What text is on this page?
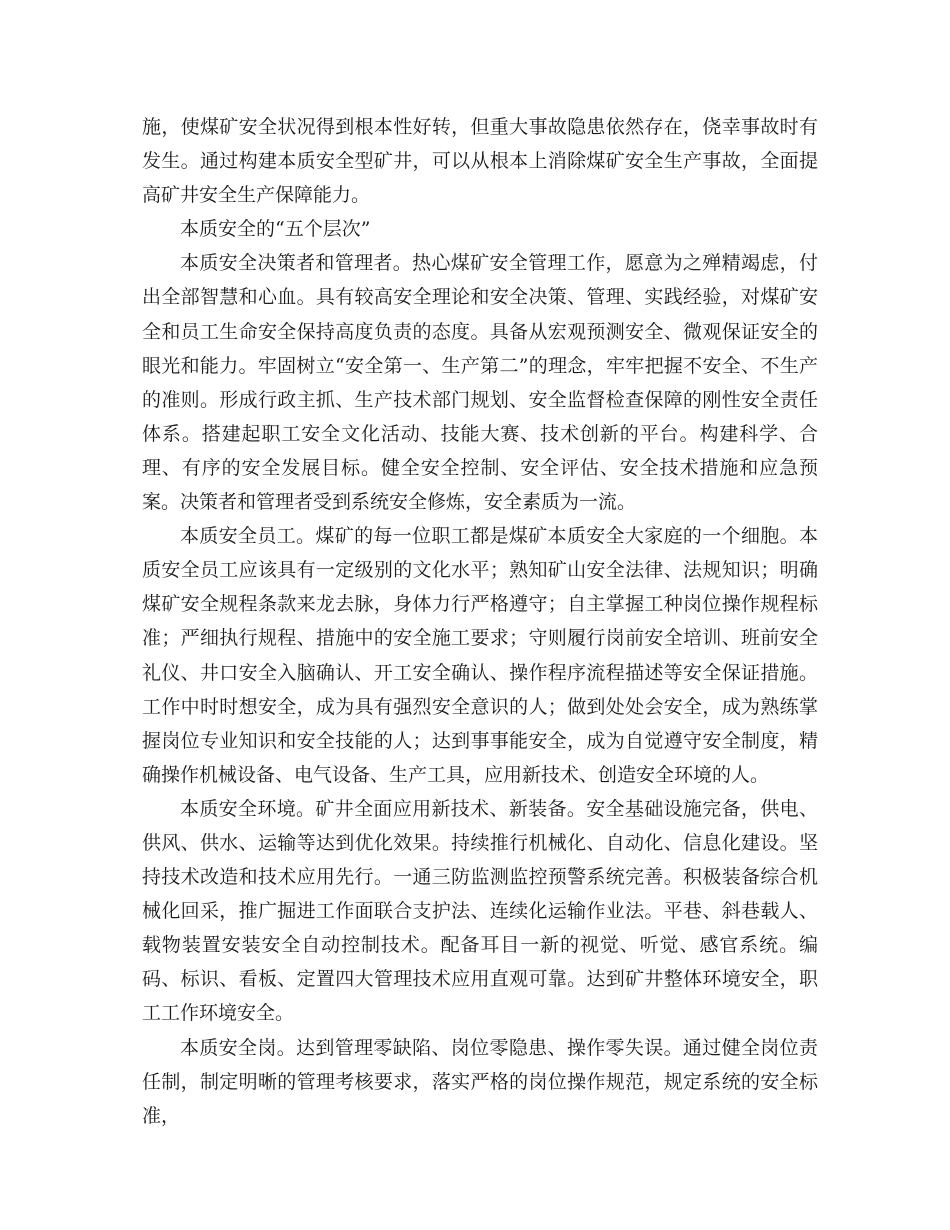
施，使煤矿安全状况得到根本性好转，但重大事故隐患依然存在，侥幸事故时有发生。通过构建本质安全型矿井，可以从根本上消除煤矿安全生产事故，全面提高矿井安全生产保障能力。

本质安全的“五个层次”

本质安全决策者和管理者。热心煤矿安全管理工作，愿意为之殚精竭虑，付出全部智慧和心血。具有较高安全理论和安全决策、管理、实践经验，对煤矿安全和员工生命安全保持高度负责的态度。具备从宏观预测安全、微观保证安全的眼光和能力。牢固树立“安全第一、生产第二”的理念，牢牢把握不安全、不生产的准则。形成行政主抓、生产技术部门规划、安全监督检查保障的刚性安全责任体系。搭建起职工安全文化活动、技能大赛、技术创新的平台。构建科学、合理、有序的安全发展目标。健全安全控制、安全评估、安全技术措施和应急预案。决策者和管理者受到系统安全修炼，安全素质为一流。

本质安全员工。煤矿的每一位职工都是煤矿本质安全大家庭的一个细胞。本质安全员工应该具有一定级别的文化水平；熟知矿山安全法律、法规知识；明确煤矿安全规程条款来龙去脉，身体力行严格遵守；自主掌握工种岗位操作规程标准；严细执行规程、措施中的安全施工要求；守则履行岗前安全培训、班前安全礼仪、井口安全入脑确认、开工安全确认、操作程序流程描述等安全保证措施。工作中时时想安全，成为具有强烈安全意识的人；做到处处会安全，成为熟练掌握岗位专业知识和安全技能的人；达到事事能安全，成为自觉遵守安全制度，精确操作机械设备、电气设备、生产工具，应用新技术、创造安全环境的人。

本质安全环境。矿井全面应用新技术、新装备。安全基础设施完备，供电、供风、供水、运输等达到优化效果。持续推行机械化、自动化、信息化建设。坚持技术改造和技术应用先行。一通三防监测监控预警系统完善。积极装备综合机械化回采，推广掘进工作面联合支护法、连续化运输作业法。平巷、斜巷载人、载物装置安装安全自动控制技术。配备耳目一新的视觉、听觉、感官系统。编码、标识、看板、定置四大管理技术应用直观可靠。达到矿井整体环境安全，职工工作环境安全。

本质安全岗。达到管理零缺陷、岗位零隐患、操作零失误。通过健全岗位责任制，制定明晰的管理考核要求，落实严格的岗位操作规范，规定系统的安全标准，
